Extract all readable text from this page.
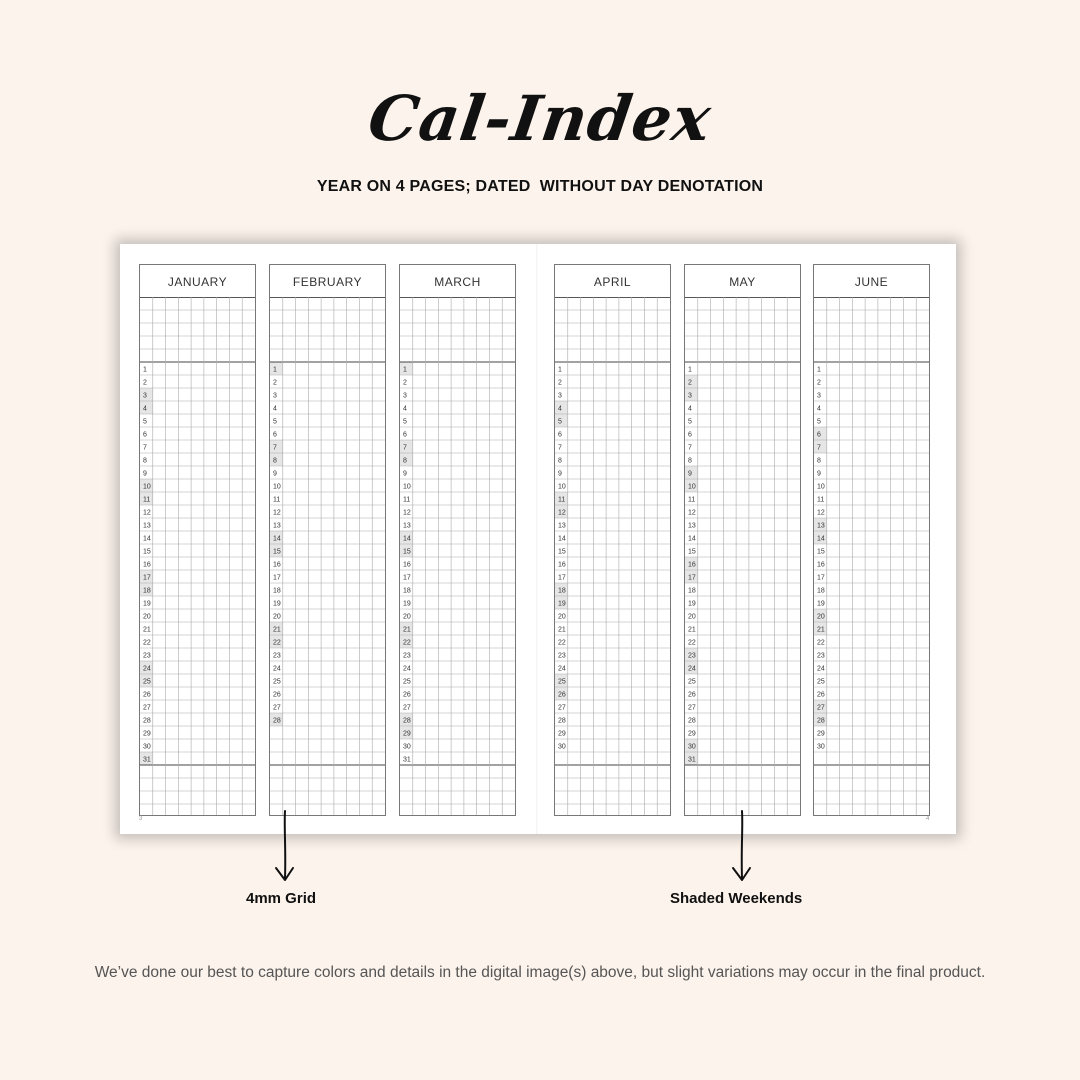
Cal-Index
YEAR ON 4 PAGES; DATED  WITHOUT DAY DENOTATION
JANUARY
1
2
3
4
5
6
7
8
9
10
11
12
13
14
15
16
17
18
19
20
21
22
23
24
25
26
27
28
29
30
31
FEBRUARY
1
2
3
4
5
6
7
8
9
10
11
12
13
14
15
16
17
18
19
20
21
22
23
24
25
26
27
28
MARCH
1
2
3
4
5
6
7
8
9
10
11
12
13
14
15
16
17
18
19
20
21
22
23
24
25
26
27
28
29
30
31
APRIL
1
2
3
4
5
6
7
8
9
10
11
12
13
14
15
16
17
18
19
20
21
22
23
24
25
26
27
28
29
30
MAY
1
2
3
4
5
6
7
8
9
10
11
12
13
14
15
16
17
18
19
20
21
22
23
24
25
26
27
28
29
30
31
JUNE
1
2
3
4
5
6
7
8
9
10
11
12
13
14
15
16
17
18
19
20
21
22
23
24
25
26
27
28
29
30
3	4
4mm Grid	Shaded Weekends
We’ve done our best to capture colors and details in the digital image(s) above, but slight variations may occur in the final product.
